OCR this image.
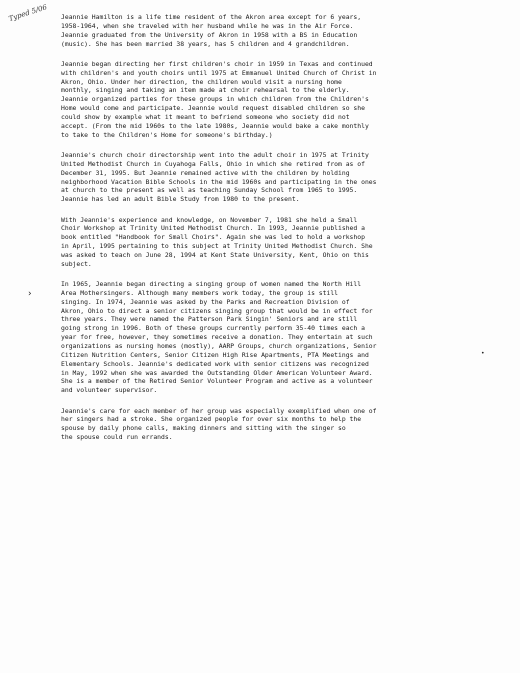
Typed 5/06
›
•
Jeannie Hamilton is a life time resident of the Akron area except for 6 years,
1958-1964, when she traveled with her husband while he was in the Air Force.
Jeannie graduated from the University of Akron in 1958 with a BS in Education
(music). She has been married 38 years, has 5 children and 4 grandchildren.
Jeannie began directing her first children's choir in 1959 in Texas and continued
with children's and youth choirs until 1975 at Emmanuel United Church of Christ in
Akron, Ohio. Under her direction, the children would visit a nursing home
monthly, singing and taking an item made at choir rehearsal to the elderly.
Jeannie organized parties for these groups in which children from the Children's
Home would come and participate. Jeannie would request disabled children so she
could show by example what it meant to befriend someone who society did not
accept. (From the mid 1960s to the late 1980s, Jeannie would bake a cake monthly
to take to the Children's Home for someone's birthday.)
Jeannie's church choir directorship went into the adult choir in 1975 at Trinity
United Methodist Church in Cuyahoga Falls, Ohio in which she retired from as of
December 31, 1995. But Jeannie remained active with the children by holding
neighborhood Vacation Bible Schools in the mid 1960s and participating in the ones
at church to the present as well as teaching Sunday School from 1965 to 1995.
Jeannie has led an adult Bible Study from 1980 to the present.
With Jeannie's experience and knowledge, on November 7, 1981 she held a Small
Choir Workshop at Trinity United Methodist Church. In 1993, Jeannie published a
book entitled "Handbook for Small Choirs". Again she was led to hold a workshop
in April, 1995 pertaining to this subject at Trinity United Methodist Church. She
was asked to teach on June 28, 1994 at Kent State University, Kent, Ohio on this
subject.
In 1965, Jeannie began directing a singing group of women named the North Hill
Area Mothersingers. Although many members work today, the group is still
singing. In 1974, Jeannie was asked by the Parks and Recreation Division of
Akron, Ohio to direct a senior citizens singing group that would be in effect for
three years. They were named the Patterson Park Singin' Seniors and are still
going strong in 1996. Both of these groups currently perform 35-40 times each a
year for free, however, they sometimes receive a donation. They entertain at such
organizations as nursing homes (mostly), AARP Groups, church organizations, Senior
Citizen Nutrition Centers, Senior Citizen High Rise Apartments, PTA Meetings and
Elementary Schools. Jeannie's dedicated work with senior citizens was recognized
in May, 1992 when she was awarded the Outstanding Older American Volunteer Award.
She is a member of the Retired Senior Volunteer Program and active as a volunteer
and volunteer supervisor.
Jeannie's care for each member of her group was especially exemplified when one of
her singers had a stroke. She organized people for over six months to help the
spouse by daily phone calls, making dinners and sitting with the singer so
the spouse could run errands.
